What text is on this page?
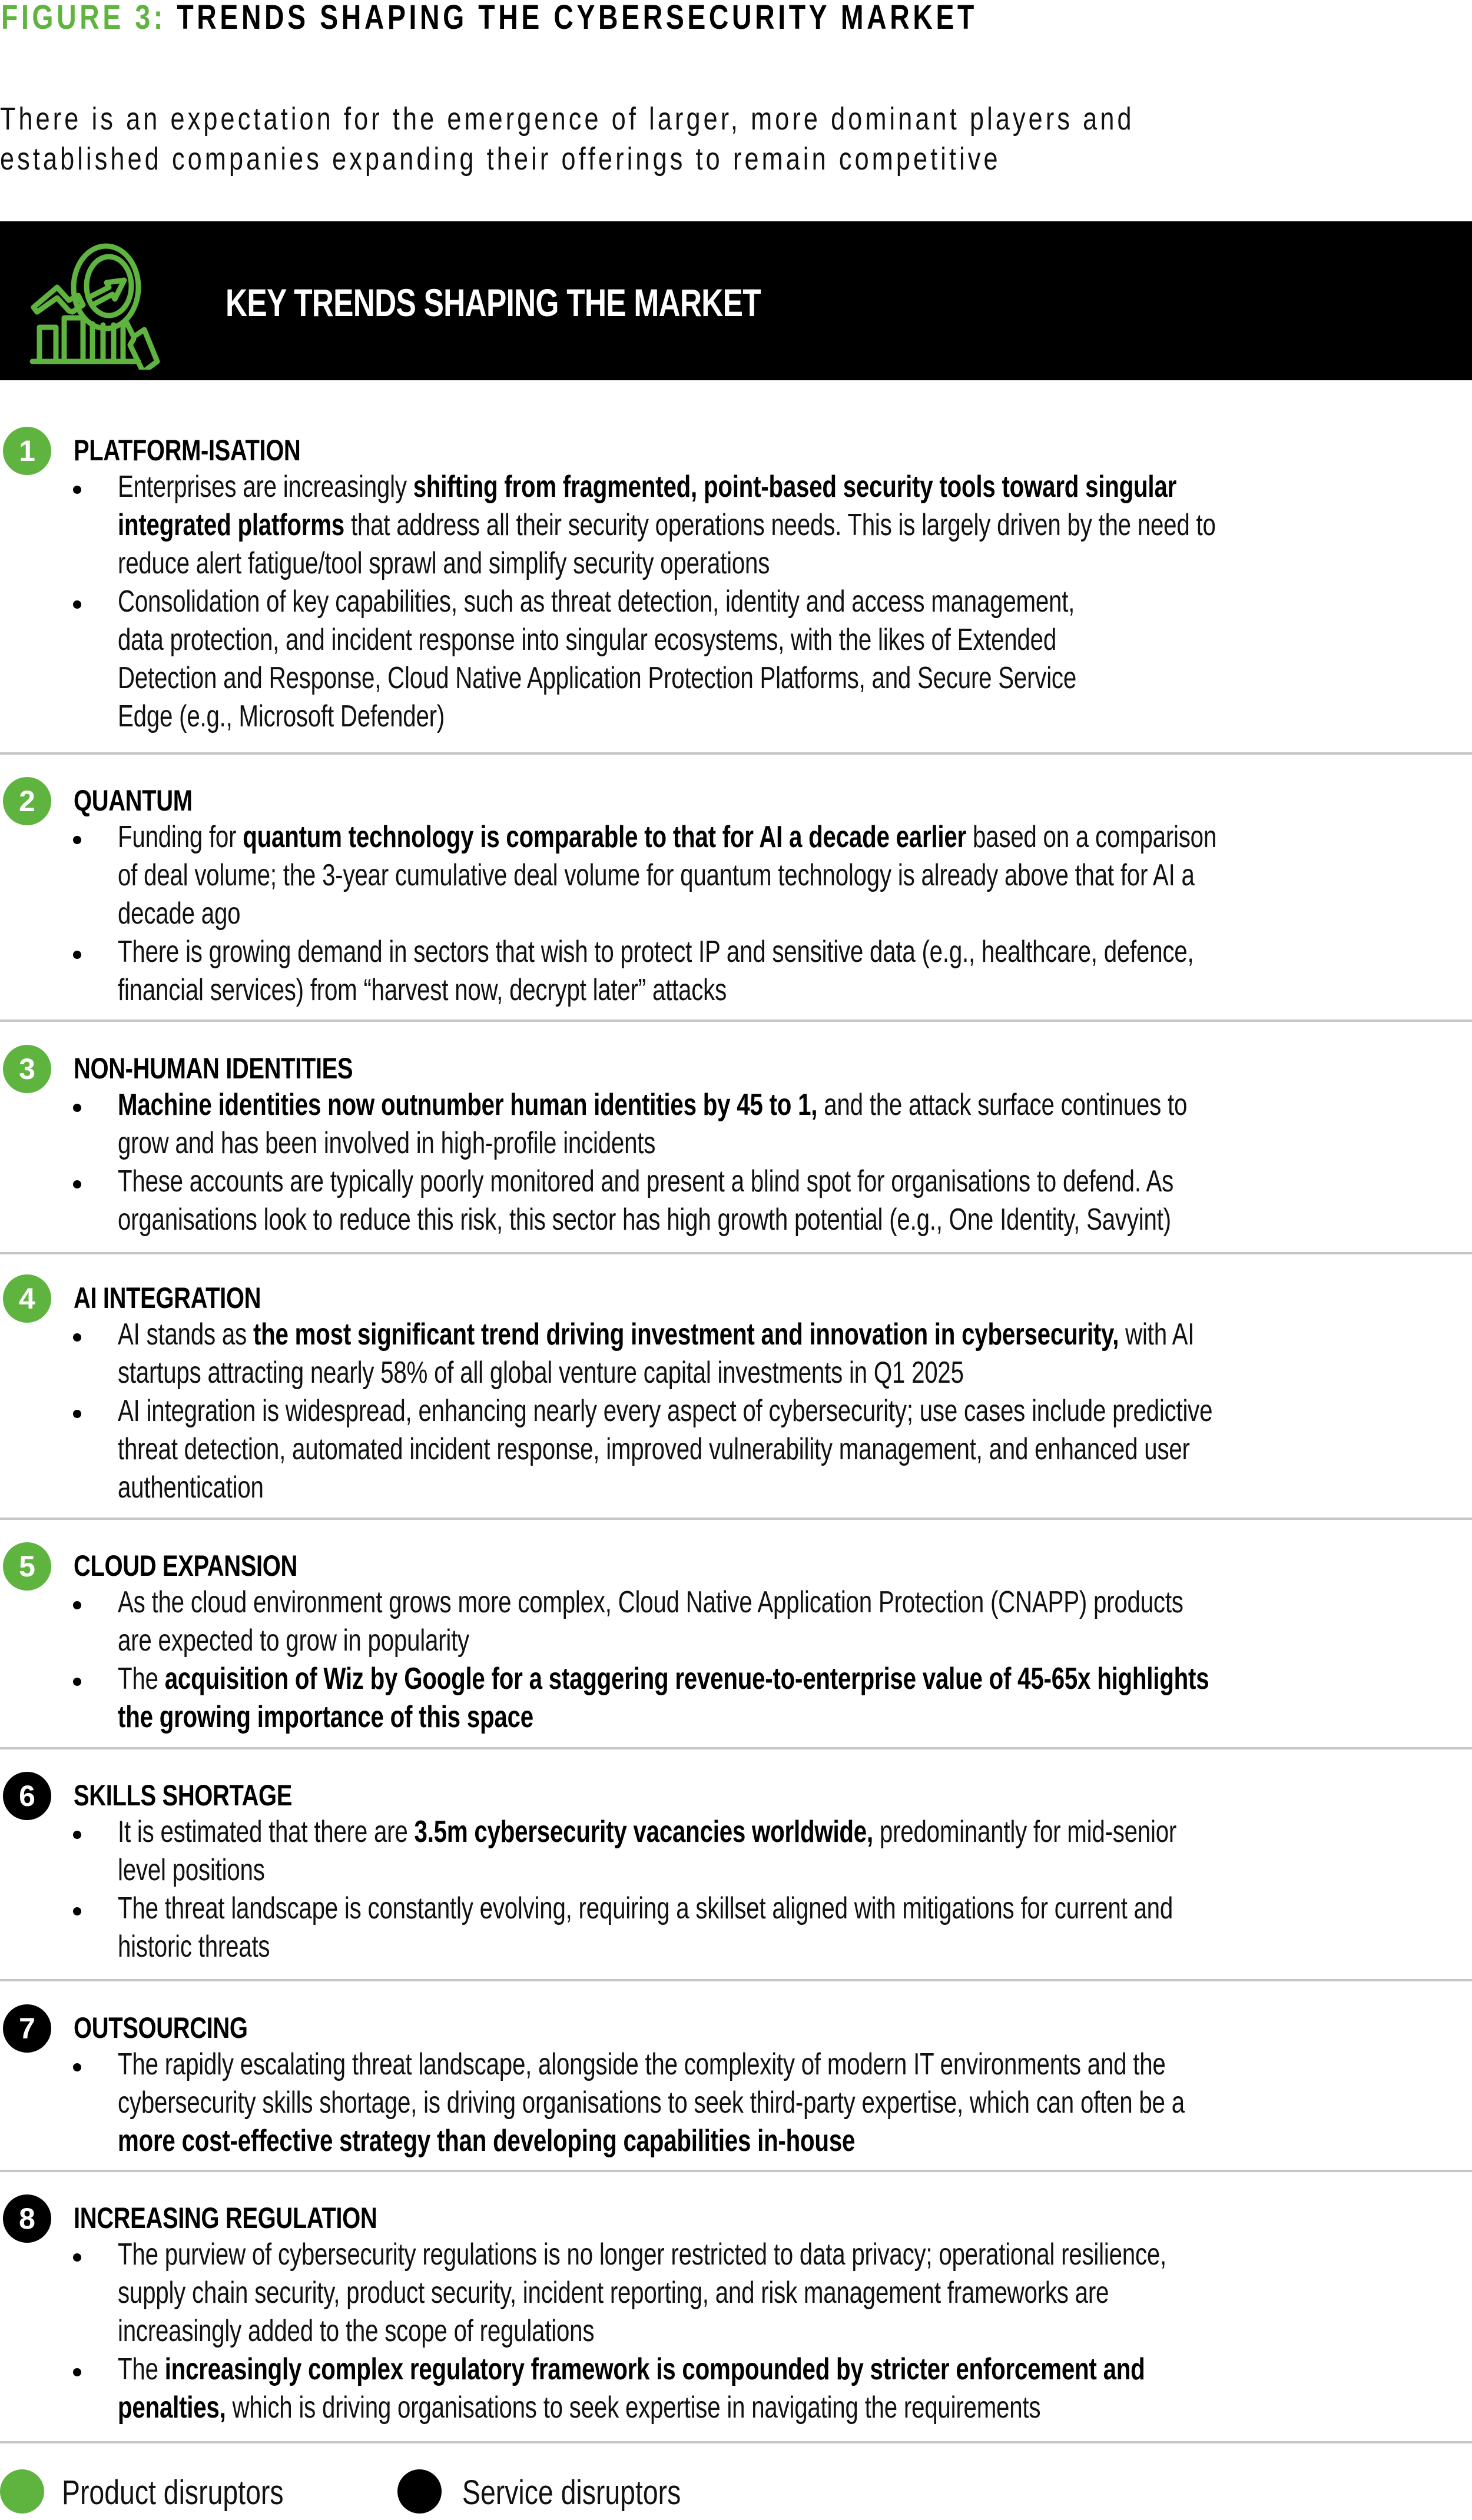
FIGURE 3: TRENDS SHAPING THE CYBERSECURITY MARKET
There is an expectation for the emergence of larger, more dominant players and
established companies expanding their offerings to remain competitive
KEY TRENDS SHAPING THE MARKET
1	PLATFORM-ISATION
Enterprises are increasingly shifting from fragmented, point-based security tools toward singular
integrated platforms that address all their security operations needs. This is largely driven by the need to
reduce alert fatigue/tool sprawl and simplify security operations
Consolidation of key capabilities, such as threat detection, identity and access management,
data protection, and incident response into singular ecosystems, with the likes of Extended
Detection and Response, Cloud Native Application Protection Platforms, and Secure Service
Edge (e.g., Microsoft Defender)
2	QUANTUM
Funding for quantum technology is comparable to that for AI a decade earlier based on a comparison
of deal volume; the 3-year cumulative deal volume for quantum technology is already above that for AI a
decade ago
There is growing demand in sectors that wish to protect IP and sensitive data (e.g., healthcare, defence,
financial services) from “harvest now, decrypt later” attacks
3	NON-HUMAN IDENTITIES
Machine identities now outnumber human identities by 45 to 1, and the attack surface continues to
grow and has been involved in high-profile incidents
These accounts are typically poorly monitored and present a blind spot for organisations to defend. As
organisations look to reduce this risk, this sector has high growth potential (e.g., One Identity, Savyint)
4	AI INTEGRATION
AI stands as the most significant trend driving investment and innovation in cybersecurity, with AI
startups attracting nearly 58% of all global venture capital investments in Q1 2025
AI integration is widespread, enhancing nearly every aspect of cybersecurity; use cases include predictive
threat detection, automated incident response, improved vulnerability management, and enhanced user
authentication
5	CLOUD EXPANSION
As the cloud environment grows more complex, Cloud Native Application Protection (CNAPP) products
are expected to grow in popularity
The acquisition of Wiz by Google for a staggering revenue-to-enterprise value of 45-65x highlights
the growing importance of this space
6	SKILLS SHORTAGE
It is estimated that there are 3.5m cybersecurity vacancies worldwide, predominantly for mid-senior
level positions
The threat landscape is constantly evolving, requiring a skillset aligned with mitigations for current and
historic threats
7	OUTSOURCING
The rapidly escalating threat landscape, alongside the complexity of modern IT environments and the
cybersecurity skills shortage, is driving organisations to seek third-party expertise, which can often be a
more cost-effective strategy than developing capabilities in-house
8	INCREASING REGULATION
The purview of cybersecurity regulations is no longer restricted to data privacy; operational resilience,
supply chain security, product security, incident reporting, and risk management frameworks are
increasingly added to the scope of regulations
The increasingly complex regulatory framework is compounded by stricter enforcement and
penalties, which is driving organisations to seek expertise in navigating the requirements
Product disruptors	Service disruptors
